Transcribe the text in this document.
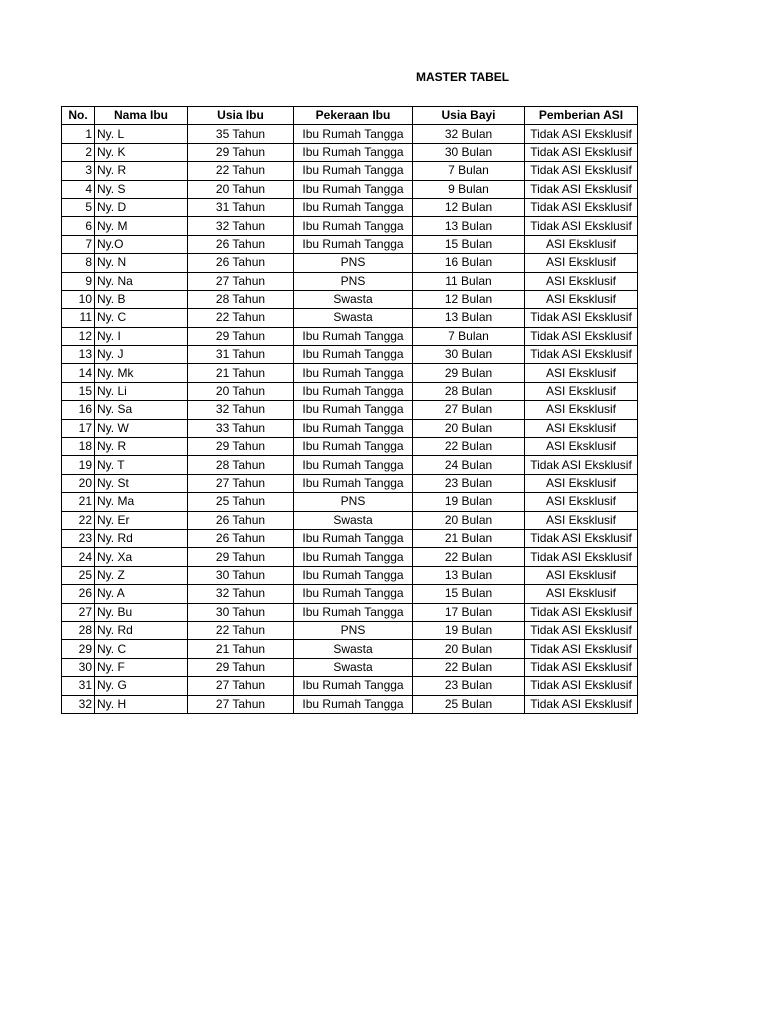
MASTER TABEL
No.	Nama Ibu	Usia Ibu	Pekeraan Ibu	Usia Bayi	Pemberian ASI
1	Ny. L	35 Tahun	Ibu Rumah Tangga	32 Bulan	Tidak ASI Eksklusif
2	Ny. K	29 Tahun	Ibu Rumah Tangga	30 Bulan	Tidak ASI Eksklusif
3	Ny. R	22 Tahun	Ibu Rumah Tangga	7 Bulan	Tidak ASI Eksklusif
4	Ny. S	20 Tahun	Ibu Rumah Tangga	9 Bulan	Tidak ASI Eksklusif
5	Ny. D	31 Tahun	Ibu Rumah Tangga	12 Bulan	Tidak ASI Eksklusif
6	Ny. M	32 Tahun	Ibu Rumah Tangga	13 Bulan	Tidak ASI Eksklusif
7	Ny.O	26 Tahun	Ibu Rumah Tangga	15 Bulan	ASI Eksklusif
8	Ny. N	26 Tahun	PNS	16 Bulan	ASI Eksklusif
9	Ny. Na	27 Tahun	PNS	11 Bulan	ASI Eksklusif
10	Ny. B	28 Tahun	Swasta	12 Bulan	ASI Eksklusif
11	Ny. C	22 Tahun	Swasta	13 Bulan	Tidak ASI Eksklusif
12	Ny. I	29 Tahun	Ibu Rumah Tangga	7 Bulan	Tidak ASI Eksklusif
13	Ny. J	31 Tahun	Ibu Rumah Tangga	30 Bulan	Tidak ASI Eksklusif
14	Ny. Mk	21 Tahun	Ibu Rumah Tangga	29 Bulan	ASI Eksklusif
15	Ny. Li	20 Tahun	Ibu Rumah Tangga	28 Bulan	ASI Eksklusif
16	Ny. Sa	32 Tahun	Ibu Rumah Tangga	27 Bulan	ASI Eksklusif
17	Ny. W	33 Tahun	Ibu Rumah Tangga	20 Bulan	ASI Eksklusif
18	Ny. R	29 Tahun	Ibu Rumah Tangga	22 Bulan	ASI Eksklusif
19	Ny. T	28 Tahun	Ibu Rumah Tangga	24 Bulan	Tidak ASI Eksklusif
20	Ny. St	27 Tahun	Ibu Rumah Tangga	23 Bulan	ASI Eksklusif
21	Ny. Ma	25 Tahun	PNS	19 Bulan	ASI Eksklusif
22	Ny. Er	26 Tahun	Swasta	20 Bulan	ASI Eksklusif
23	Ny. Rd	26 Tahun	Ibu Rumah Tangga	21 Bulan	Tidak ASI Eksklusif
24	Ny. Xa	29 Tahun	Ibu Rumah Tangga	22 Bulan	Tidak ASI Eksklusif
25	Ny. Z	30 Tahun	Ibu Rumah Tangga	13 Bulan	ASI Eksklusif
26	Ny. A	32 Tahun	Ibu Rumah Tangga	15 Bulan	ASI Eksklusif
27	Ny. Bu	30 Tahun	Ibu Rumah Tangga	17 Bulan	Tidak ASI Eksklusif
28	Ny. Rd	22 Tahun	PNS	19 Bulan	Tidak ASI Eksklusif
29	Ny. C	21 Tahun	Swasta	20 Bulan	Tidak ASI Eksklusif
30	Ny. F	29 Tahun	Swasta	22 Bulan	Tidak ASI Eksklusif
31	Ny. G	27 Tahun	Ibu Rumah Tangga	23 Bulan	Tidak ASI Eksklusif
32	Ny. H	27 Tahun	Ibu Rumah Tangga	25 Bulan	Tidak ASI Eksklusif
